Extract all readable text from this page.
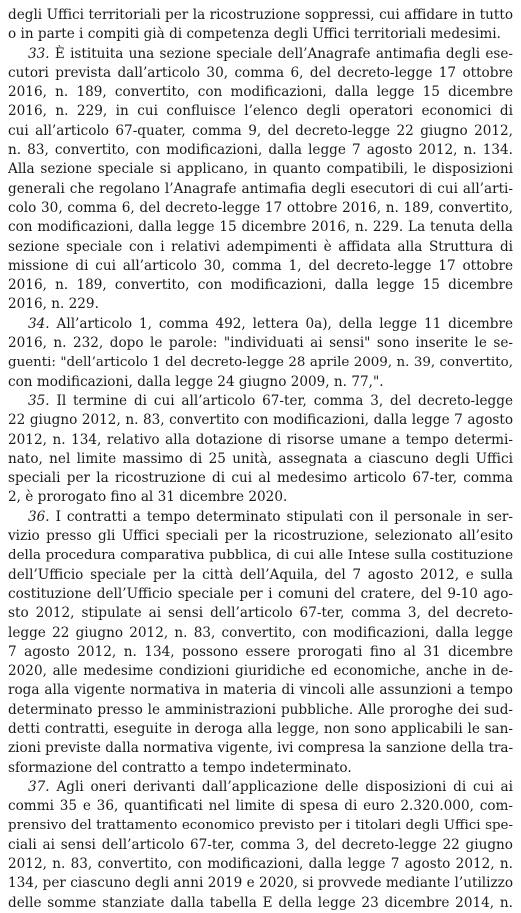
degli Uffici territoriali per la ricostruzione soppressi, cui affidare in tutto
o in parte i compiti già di competenza degli Uffici territoriali medesimi.

33. È istituita una sezione speciale dell’Anagrafe antimafia degli ese-
cutori prevista dall’articolo 30, comma 6, del decreto-legge 17 ottobre
2016, n. 189, convertito, con modificazioni, dalla legge 15 dicembre
2016, n. 229, in cui confluisce l’elenco degli operatori economici di
cui all’articolo 67-quater, comma 9, del decreto-legge 22 giugno 2012,
n. 83, convertito, con modificazioni, dalla legge 7 agosto 2012, n. 134.
Alla sezione speciale si applicano, in quanto compatibili, le disposizioni
generali che regolano l’Anagrafe antimafia degli esecutori di cui all’arti-
colo 30, comma 6, del decreto-legge 17 ottobre 2016, n. 189, convertito,
con modificazioni, dalla legge 15 dicembre 2016, n. 229. La tenuta della
sezione speciale con i relativi adempimenti è affidata alla Struttura di
missione di cui all’articolo 30, comma 1, del decreto-legge 17 ottobre
2016, n. 189, convertito, con modificazioni, dalla legge 15 dicembre
2016, n. 229.

34. All’articolo 1, comma 492, lettera 0a), della legge 11 dicembre
2016, n. 232, dopo le parole: "individuati ai sensi" sono inserite le se-
guenti: "dell’articolo 1 del decreto-legge 28 aprile 2009, n. 39, convertito,
con modificazioni, dalla legge 24 giugno 2009, n. 77,".

35. Il termine di cui all’articolo 67-ter, comma 3, del decreto-legge
22 giugno 2012, n. 83, convertito con modificazioni, dalla legge 7 agosto
2012, n. 134, relativo alla dotazione di risorse umane a tempo determi-
nato, nel limite massimo di 25 unità, assegnata a ciascuno degli Uffici
speciali per la ricostruzione di cui al medesimo articolo 67-ter, comma
2, è prorogato fino al 31 dicembre 2020.

36. I contratti a tempo determinato stipulati con il personale in ser-
vizio presso gli Uffici speciali per la ricostruzione, selezionato all’esito
della procedura comparativa pubblica, di cui alle Intese sulla costituzione
dell’Ufficio speciale per la città dell’Aquila, del 7 agosto 2012, e sulla
costituzione dell’Ufficio speciale per i comuni del cratere, del 9-10 ago-
sto 2012, stipulate ai sensi dell’articolo 67-ter, comma 3, del decreto-
legge 22 giugno 2012, n. 83, convertito, con modificazioni, dalla legge
7 agosto 2012, n. 134, possono essere prorogati fino al 31 dicembre
2020, alle medesime condizioni giuridiche ed economiche, anche in de-
roga alla vigente normativa in materia di vincoli alle assunzioni a tempo
determinato presso le amministrazioni pubbliche. Alle proroghe dei sud-
detti contratti, eseguite in deroga alla legge, non sono applicabili le san-
zioni previste dalla normativa vigente, ivi compresa la sanzione della tra-
sformazione del contratto a tempo indeterminato.

37. Agli oneri derivanti dall’applicazione delle disposizioni di cui ai
commi 35 e 36, quantificati nel limite di spesa di euro 2.320.000, com-
prensivo del trattamento economico previsto per i titolari degli Uffici spe-
ciali ai sensi dell’articolo 67-ter, comma 3, del decreto-legge 22 giugno
2012, n. 83, convertito, con modificazioni, dalla legge 7 agosto 2012, n.
134, per ciascuno degli anni 2019 e 2020, si provvede mediante l’utilizzo
delle somme stanziate dalla tabella E della legge 23 dicembre 2014, n.
